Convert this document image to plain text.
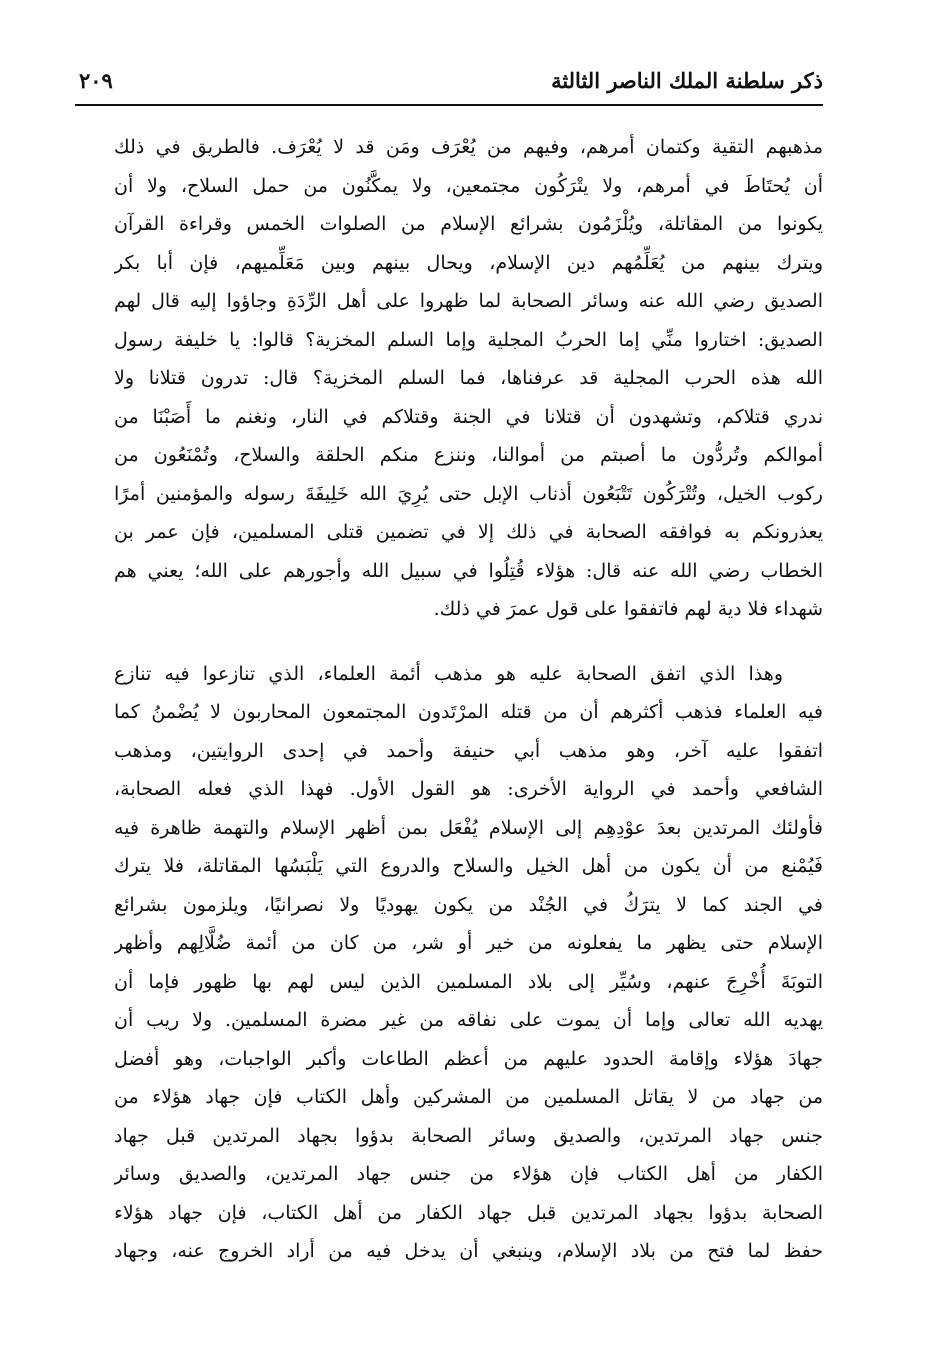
ذكر سلطنة الملك الناصر الثالثة
٢٠٩
مذهبهم التقية وكتمان أمرهم، وفيهم من يُعْرَف ومَن قد لا يُعْرَف. فالطريق في ذلك
أن يُحتَاطَ في أمرهم، ولا يتْرَكُون مجتمعين، ولا يمكَّنُون من حمل السلاح، ولا أن
يكونوا من المقاتلة، ويُلْزَمُون بشرائع الإسلام من الصلوات الخمس وقراءة القرآن
ويترك بينهم من يُعَلِّمُهم دين الإسلام، ويحال بينهم وبين مَعَلِّميهم، فإن أبا بكر
الصديق رضي الله عنه وسائر الصحابة لما ظهروا على أهل الرِّدَةِ وجاؤوا إليه قال لهم
الصديق: اختاروا منِّي إما الحربُ المجلية وإما السلم المخزية؟ قالوا: يا خليفة رسول
الله هذه الحرب المجلية قد عرفناها، فما السلم المخزية؟ قال: تدرون قتلانا ولا
ندري قتلاكم، وتشهدون أن قتلانا في الجنة وقتلاكم في النار، ونغنم ما أَصَبْنَا من
أموالكم وتُردُّون ما أصبتم من أموالنا، وننزع منكم الحلقة والسلاح، وتُمْنَعُون من
ركوب الخيل، وتُتْرَكُون تَتْبَعُون أذناب الإبل حتى يُرِيَ الله خَلِيفَةَ رسوله والمؤمنين أمرًا
يعذرونكم به فوافقه الصحابة في ذلك إلا في تضمين قتلى المسلمين، فإن عمر بن
الخطاب رضي الله عنه قال: هؤلاء قُتِلُوا في سبيل الله وأجورهم على الله؛ يعني هم
شهداء فلا دية لهم فاتفقوا على قول عمرَ في ذلك.
وهذا الذي اتفق الصحابة عليه هو مذهب أئمة العلماء، الذي تنازعوا فيه تنازع
فيه العلماء فذهب أكثرهم أن من قتله المرْتَدون المجتمعون المحاربون لا يُضْمنُ كما
اتفقوا عليه آخر، وهو مذهب أبي حنيفة وأحمد في إحدى الروايتين، ومذهب
الشافعي وأحمد في الرواية الأخرى: هو القول الأول. فهذا الذي فعله الصحابة،
فأولئك المرتدين بعدَ عوْدِهِم إلى الإسلام يُفْعَل بمن أظهر الإسلام والتهمة ظاهرة فيه
فَيُمْنع من أن يكون من أهل الخيل والسلاح والدروع التي يَلْبَسُها المقاتلة، فلا يترك
في الجند كما لا يترَكُ في الجُنْد من يكون يهوديًا ولا نصرانيًا، ويلزمون بشرائع
الإسلام حتى يظهر ما يفعلونه من خير أو شر، من كان من أئمة ضُلَّالِهم وأظهر
التوبَةَ أُخْرِجَ عنهم، وسُيِّر إلى بلاد المسلمين الذين ليس لهم بها ظهور فإما أن
يهديه الله تعالى وإما أن يموت على نفاقه من غير مضرة المسلمين. ولا ريب أن
جهادَ هؤلاء وإقامة الحدود عليهم من أعظم الطاعات وأكبر الواجبات، وهو أفضل
من جهاد من لا يقاتل المسلمين من المشركين وأهل الكتاب فإن جهاد هؤلاء من
جنس جهاد المرتدين، والصديق وسائر الصحابة بدؤوا بجهاد المرتدين قبل جهاد
الكفار من أهل الكتاب فإن هؤلاء من جنس جهاد المرتدين، والصديق وسائر
الصحابة بدؤوا بجهاد المرتدين قبل جهاد الكفار من أهل الكتاب، فإن جهاد هؤلاء
حفظ لما فتح من بلاد الإسلام، وينبغي أن يدخل فيه من أراد الخروج عنه، وجهاد
